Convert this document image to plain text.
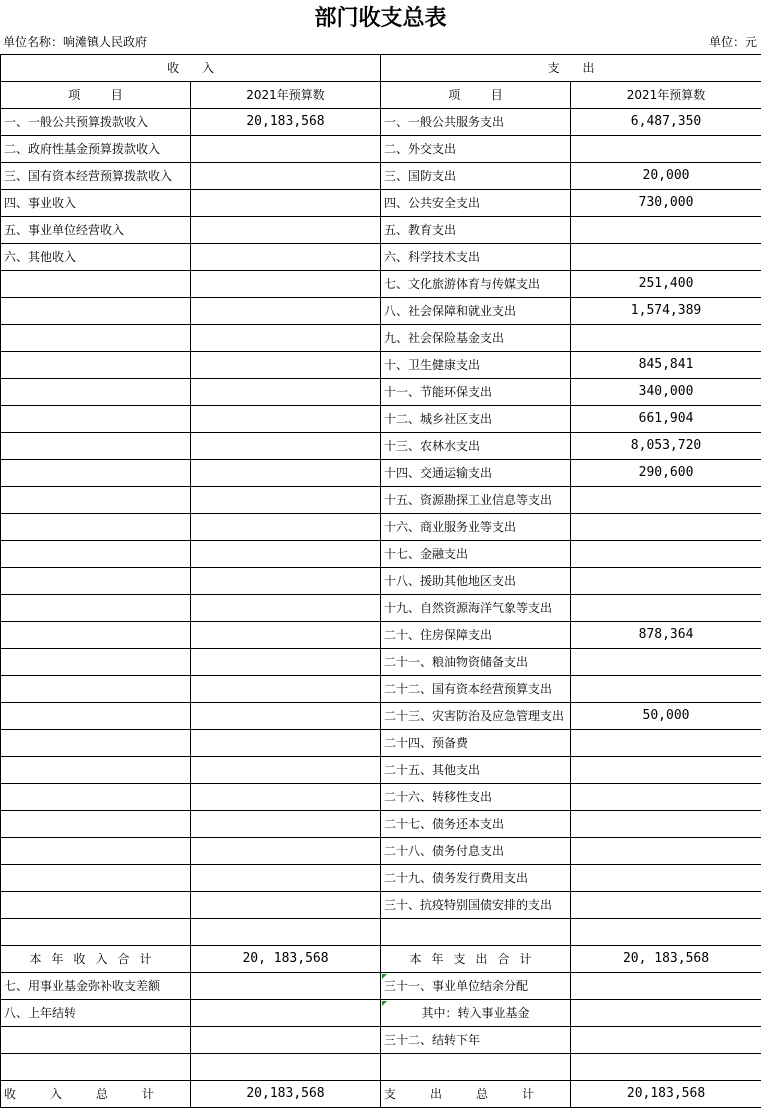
部门收支总表
单位名称：响滩镇人民政府	单位：元
收      入		支      出	
项        目	2021年预算数	项        目	2021年预算数
一、一般公共预算拨款收入	20,183,568	一、一般公共服务支出	6,487,350
二、政府性基金预算拨款收入		二、外交支出	
三、国有资本经营预算拨款收入		三、国防支出	20,000
四、事业收入		四、公共安全支出	730,000
五、事业单位经营收入		五、教育支出	
六、其他收入		六、科学技术支出	
		七、文化旅游体育与传媒支出	251,400
		八、社会保障和就业支出	1,574,389
		九、社会保险基金支出	
		十、卫生健康支出	845,841
		十一、节能环保支出	340,000
		十二、城乡社区支出	661,904
		十三、农林水支出	8,053,720
		十四、交通运输支出	290,600
		十五、资源勘探工业信息等支出	
		十六、商业服务业等支出	
		十七、金融支出	
		十八、援助其他地区支出	
		十九、自然资源海洋气象等支出	
		二十、住房保障支出	878,364
		二十一、粮油物资储备支出	
		二十二、国有资本经营预算支出	
		二十三、灾害防治及应急管理支出	50,000
		二十四、预备费	
		二十五、其他支出	
		二十六、转移性支出	
		二十七、债务还本支出	
		二十八、债务付息支出	
		二十九、债务发行费用支出	
		三十、抗疫特别国债安排的支出	

本年收入合计	20, 183,568	本年支出合计	20, 183,568
七、用事业基金弥补收支差额		三十一、事业单位结余分配	
八、上年结转		其中：转入事业基金	
		三十二、结转下年	

收入总计	20,183,568	支出总计	20,183,568
